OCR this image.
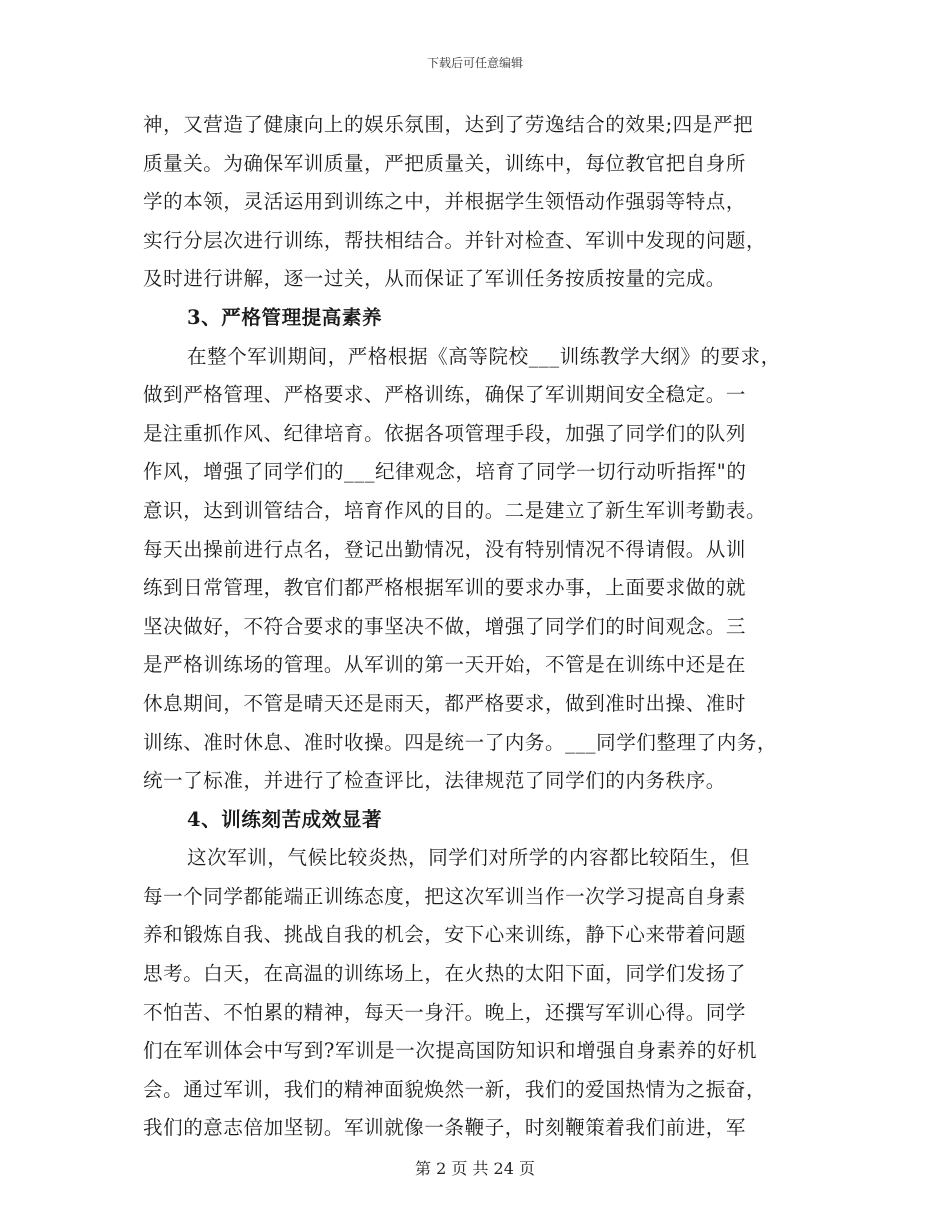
下载后可任意编辑
神，又营造了健康向上的娱乐氛围，达到了劳逸结合的效果;四是严把
质量关。为确保军训质量，严把质量关，训练中，每位教官把自身所
学的本领，灵活运用到训练之中，并根据学生领悟动作强弱等特点，
实行分层次进行训练，帮扶相结合。并针对检查、军训中发现的问题，
及时进行讲解，逐一过关，从而保证了军训任务按质按量的完成。
3、严格管理提高素养
在整个军训期间，严格根据《高等院校___训练教学大纲》的要求，
做到严格管理、严格要求、严格训练，确保了军训期间安全稳定。一
是注重抓作风、纪律培育。依据各项管理手段，加强了同学们的队列
作风，增强了同学们的___纪律观念，培育了同学一切行动听指挥"的
意识，达到训管结合，培育作风的目的。二是建立了新生军训考勤表。
每天出操前进行点名，登记出勤情况，没有特别情况不得请假。从训
练到日常管理，教官们都严格根据军训的要求办事，上面要求做的就
坚决做好，不符合要求的事坚决不做，增强了同学们的时间观念。三
是严格训练场的管理。从军训的第一天开始，不管是在训练中还是在
休息期间，不管是晴天还是雨天，都严格要求，做到准时出操、准时
训练、准时休息、准时收操。四是统一了内务。___同学们整理了内务，
统一了标准，并进行了检查评比，法律规范了同学们的内务秩序。
4、训练刻苦成效显著
这次军训，气候比较炎热，同学们对所学的内容都比较陌生，但
每一个同学都能端正训练态度，把这次军训当作一次学习提高自身素
养和锻炼自我、挑战自我的机会，安下心来训练，静下心来带着问题
思考。白天，在高温的训练场上，在火热的太阳下面，同学们发扬了
不怕苦、不怕累的精神，每天一身汗。晚上，还撰写军训心得。同学
们在军训体会中写到?军训是一次提高国防知识和增强自身素养的好机
会。通过军训，我们的精神面貌焕然一新，我们的爱国热情为之振奋，
我们的意志倍加坚韧。军训就像一条鞭子，时刻鞭策着我们前进，军
第 2 页 共 24 页
